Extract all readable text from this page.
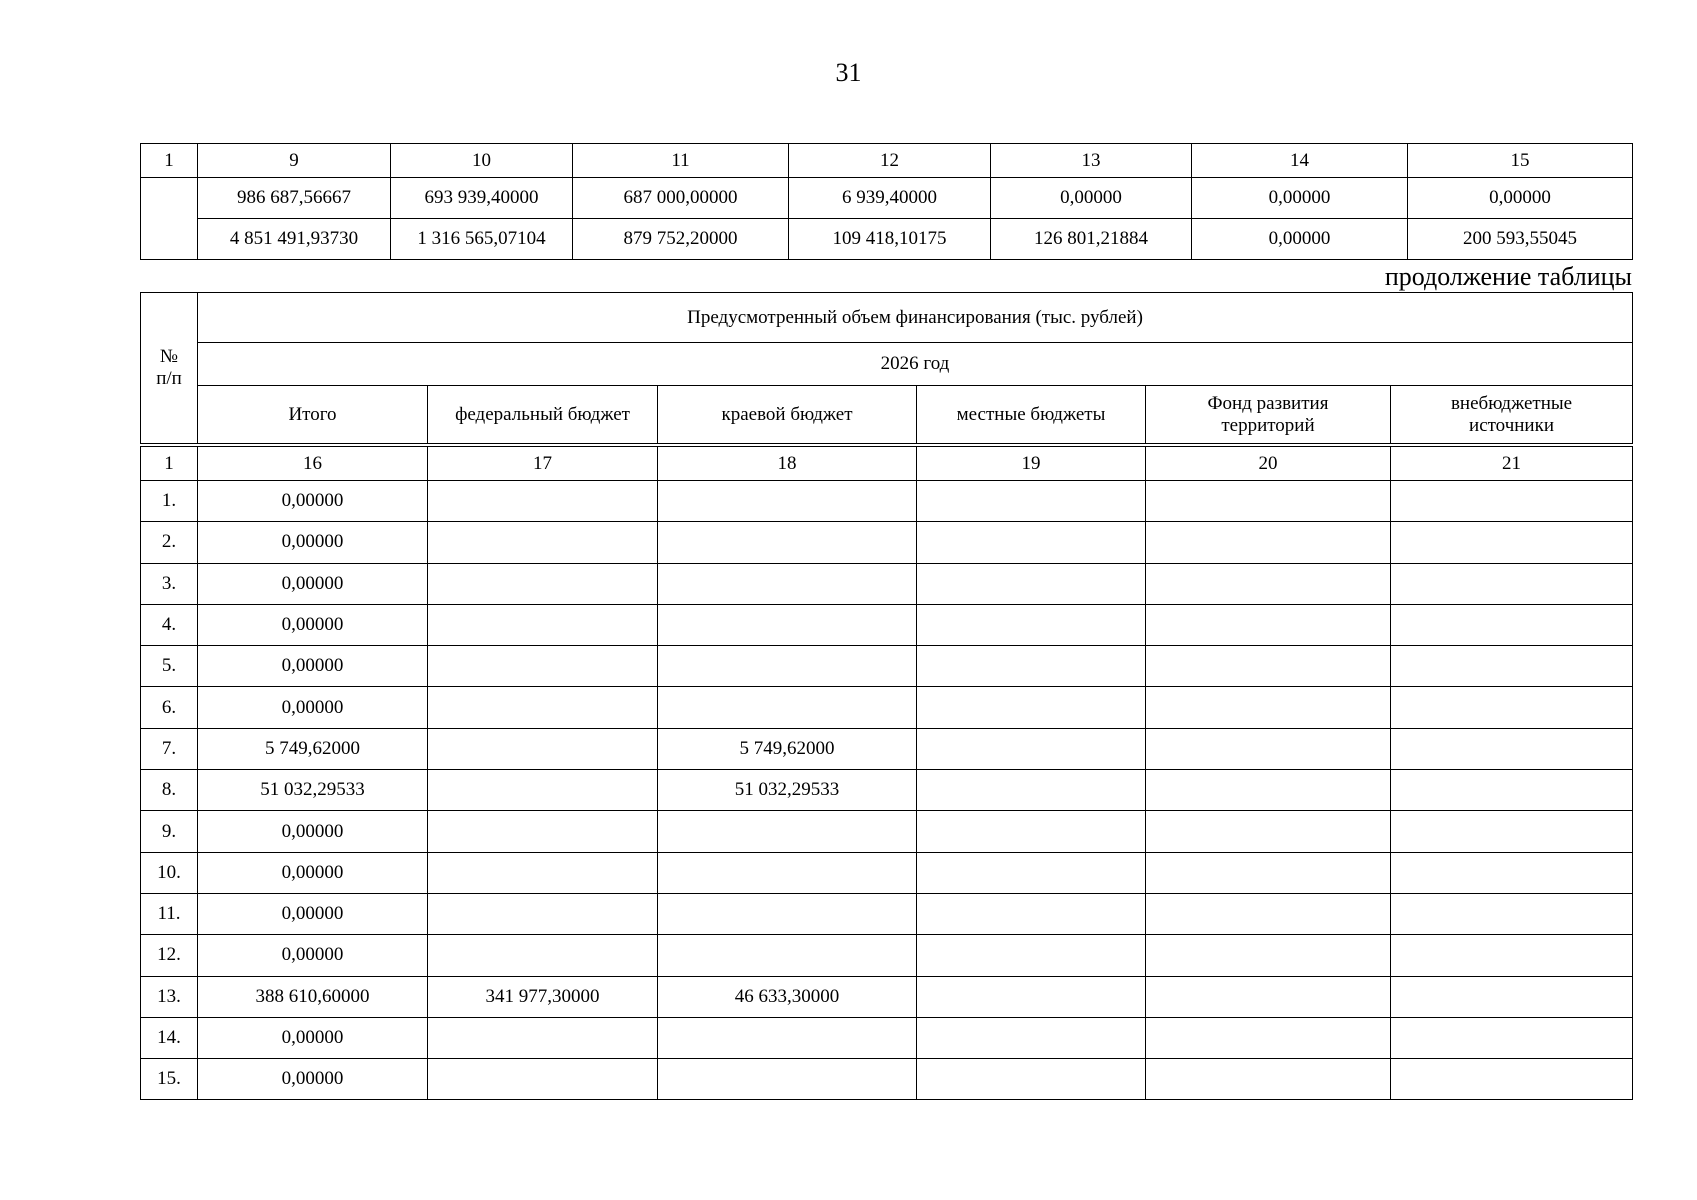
31
1	9	10	11	12	13	14	15
	986 687,56667	693 939,40000	687 000,00000	6 939,40000	0,00000	0,00000	0,00000
	4 851 491,93730	1 316 565,07104	879 752,20000	109 418,10175	126 801,21884	0,00000	200 593,55045
продолжение таблицы
№ п/п	Предусмотренный объем финансирования (тыс. рублей)					
	2026 год					
	Итого	федеральный бюджет	краевой бюджет	местные бюджеты	Фонд развития территорий	внебюджетные источники

1	16	17	18	19	20	21
1.	0,00000					
2.	0,00000					
3.	0,00000					
4.	0,00000					
5.	0,00000					
6.	0,00000					
7.	5 749,62000		5 749,62000			
8.	51 032,29533		51 032,29533			
9.	0,00000					
10.	0,00000					
11.	0,00000					
12.	0,00000					
13.	388 610,60000	341 977,30000	46 633,30000			
14.	0,00000					
15.	0,00000					
